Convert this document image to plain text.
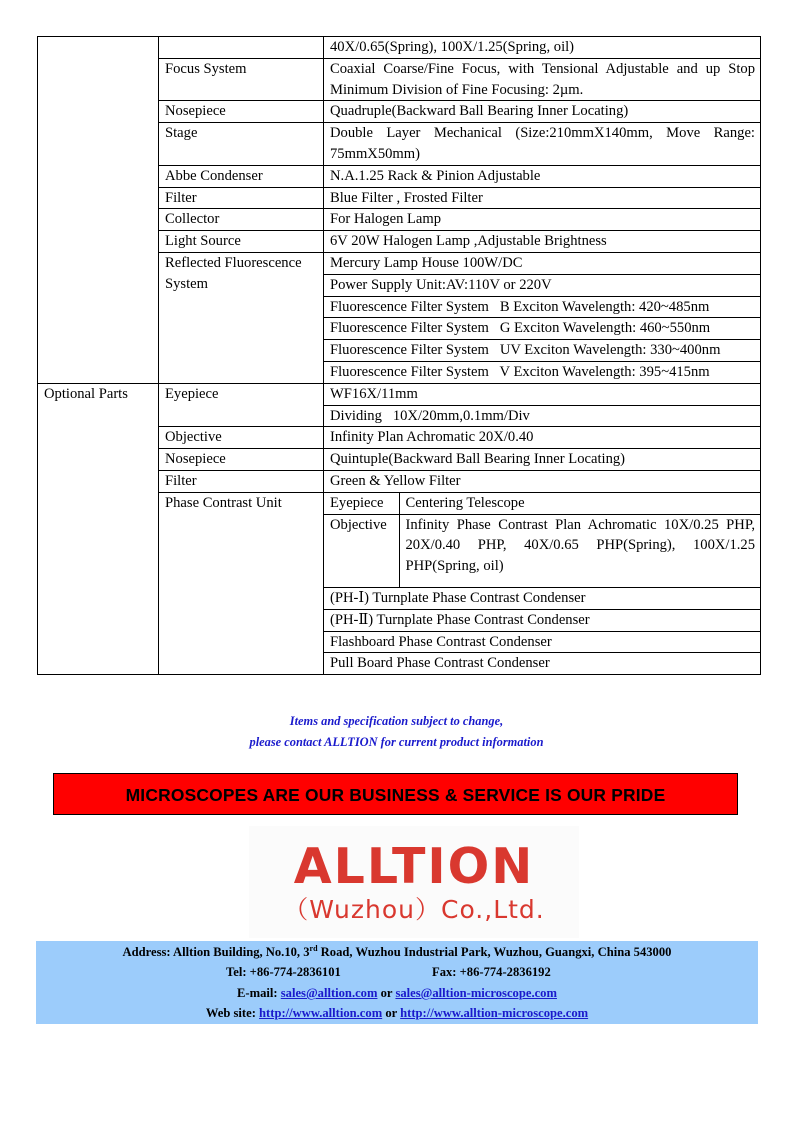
		40X/0.65(Spring), 100X/1.25(Spring, oil)
Focus System	Coaxial Coarse/Fine Focus, with Tensional Adjustable and up Stop Minimum Division of Fine Focusing: 2µm.
Nosepiece	Quadruple(Backward Ball Bearing Inner Locating)
Stage	Double Layer Mechanical (Size:210mmX140mm, Move Range: 75mmX50mm)
Abbe Condenser	N.A.1.25 Rack & Pinion Adjustable
Filter	Blue Filter , Frosted Filter
Collector	For Halogen Lamp
Light Source	6V 20W Halogen Lamp ,Adjustable Brightness
Reflected Fluorescence System	Mercury Lamp House 100W/DC
Power Supply Unit:AV:110V or 220V
Fluorescence Filter System   B Exciton Wavelength: 420~485nm
Fluorescence Filter System   G Exciton Wavelength: 460~550nm
Fluorescence Filter System   UV Exciton Wavelength: 330~400nm
Fluorescence Filter System   V Exciton Wavelength: 395~415nm
Optional Parts	Eyepiece	WF16X/11mm
Dividing   10X/20mm,0.1mm/Div
Objective	Infinity Plan Achromatic 20X/0.40
Nosepiece	Quintuple(Backward Ball Bearing Inner Locating)
Filter	Green & Yellow Filter
Phase Contrast Unit		Eyepiece	Centering Telescope
Objective	Infinity Phase Contrast Plan Achromatic 10X/0.25 PHP, 20X/0.40 PHP, 40X/0.65 PHP(Spring), 100X/1.25 PHP(Spring, oil)

(PH-Ⅰ) Turnplate Phase Contrast Condenser
(PH-Ⅱ) Turnplate Phase Contrast Condenser
Flashboard Phase Contrast Condenser
Pull Board Phase Contrast Condenser
Items and specification subject to change,
please contact ALLTION for current product information
MICROSCOPES ARE OUR BUSINESS & SERVICE IS OUR PRIDE
ALLTION
（Wuzhou）Co.,Ltd.
Address: Alltion Building, No.10, 3rd Road, Wuzhou Industrial Park, Wuzhou, Guangxi, China 543000
Tel: +86-774-2836101	Fax: +86-774-2836192
E-mail: sales@alltion.com or sales@alltion-microscope.com
Web site: http://www.alltion.com or http://www.alltion-microscope.com
